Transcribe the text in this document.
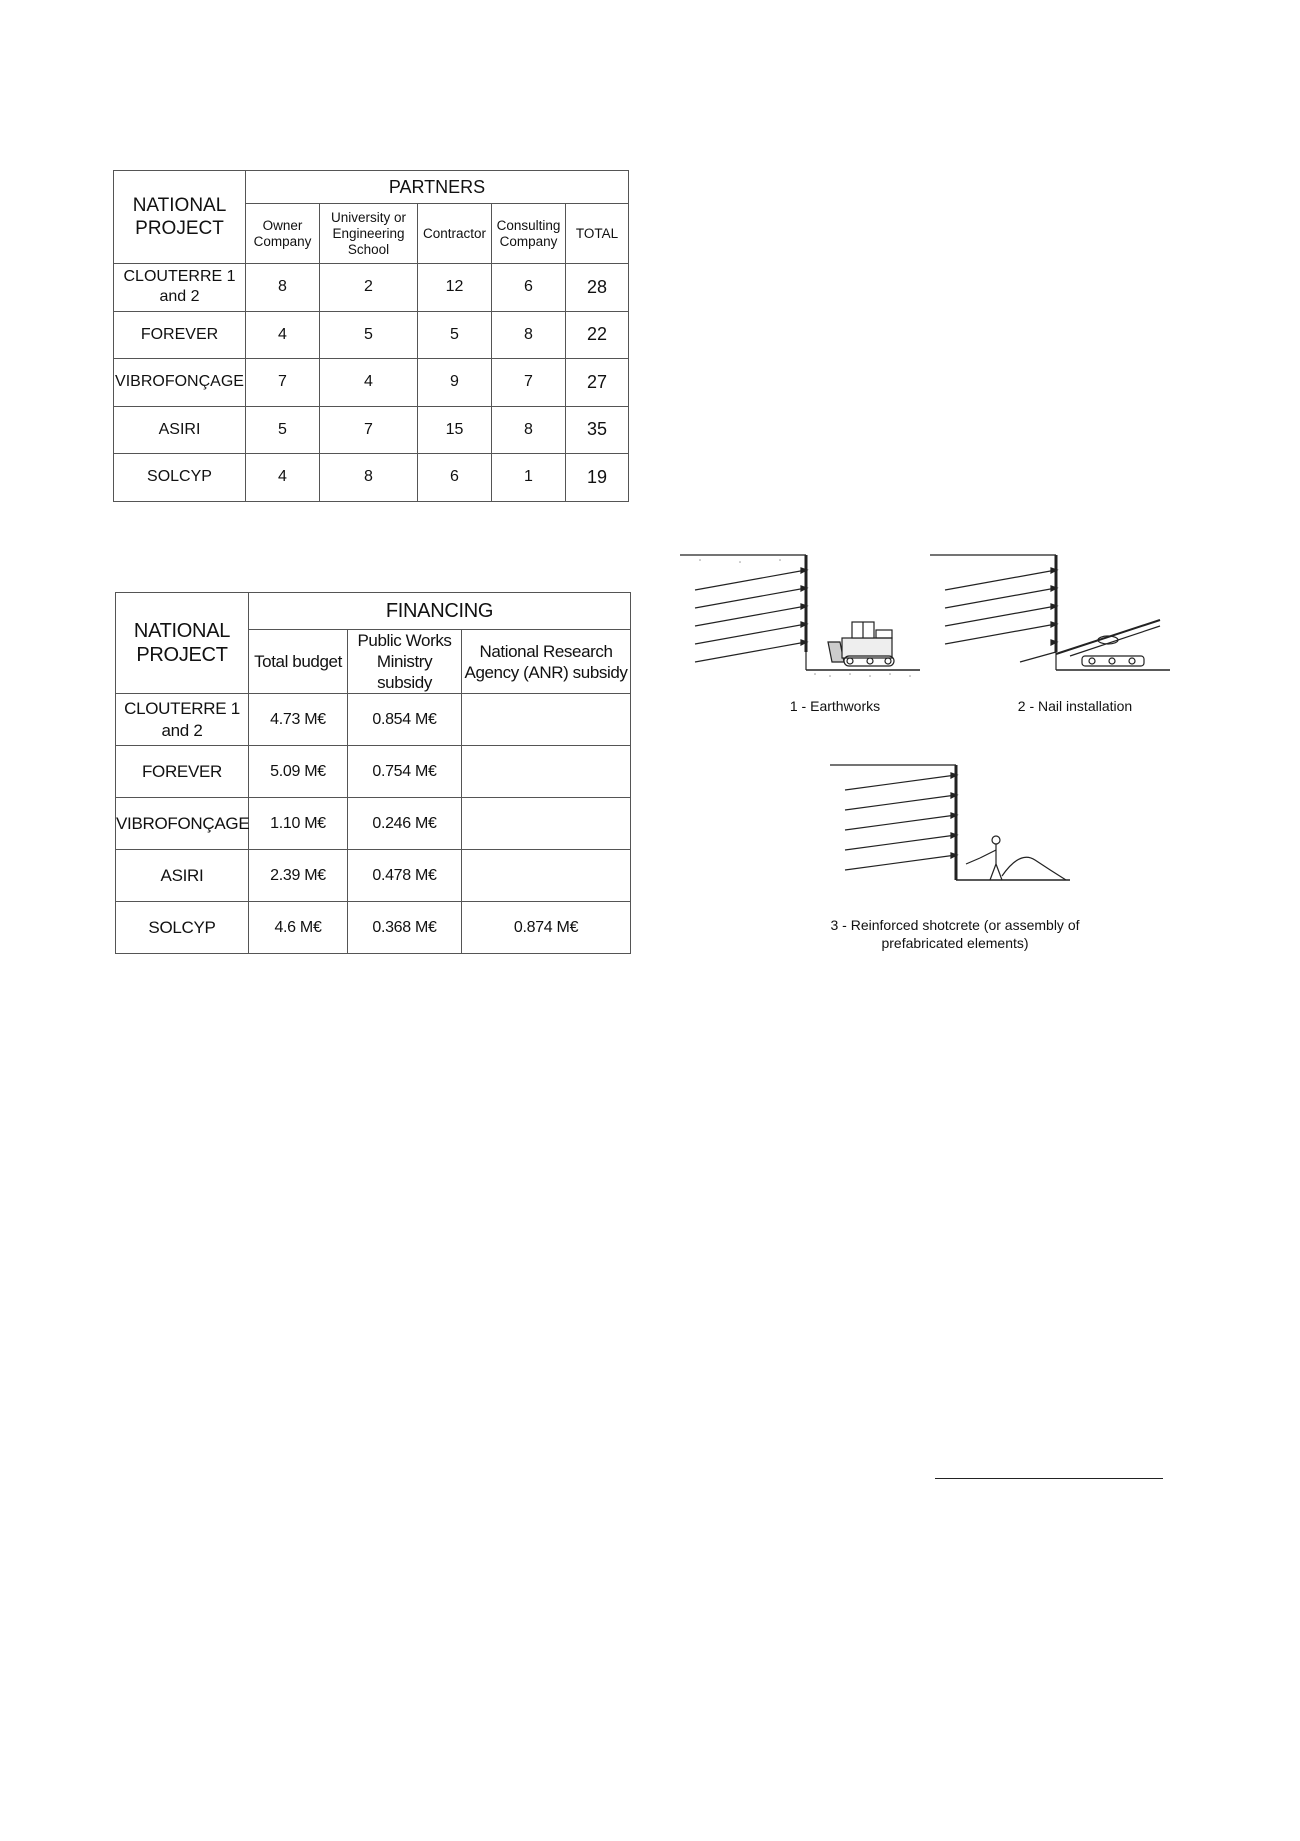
NATIONAL PROJECT	PARTNERS				
	Owner Company	University or Engineering School	Contractor	Consulting Company	TOTAL
CLOUTERRE 1 and 2	8	2	12	6	28
FOREVER	4	5	5	8	22
VIBROFONÇAGE	7	4	9	7	27
ASIRI	5	7	15	8	35
SOLCYP	4	8	6	1	19
NATIONAL PROJECT	FINANCING		
	Total budget	Public Works Ministry subsidy	National Research Agency (ANR) subsidy
CLOUTERRE 1 and 2	4.73 M€	0.854 M€	
FOREVER	5.09 M€	0.754 M€	
VIBROFONÇAGE	1.10 M€	0.246 M€	
ASIRI	2.39 M€	0.478 M€	
SOLCYP	4.6 M€	0.368 M€	0.874 M€
1 - Earthworks	2 - Nail installation
3 - Reinforced shotcrete (or assembly of prefabricated elements)
